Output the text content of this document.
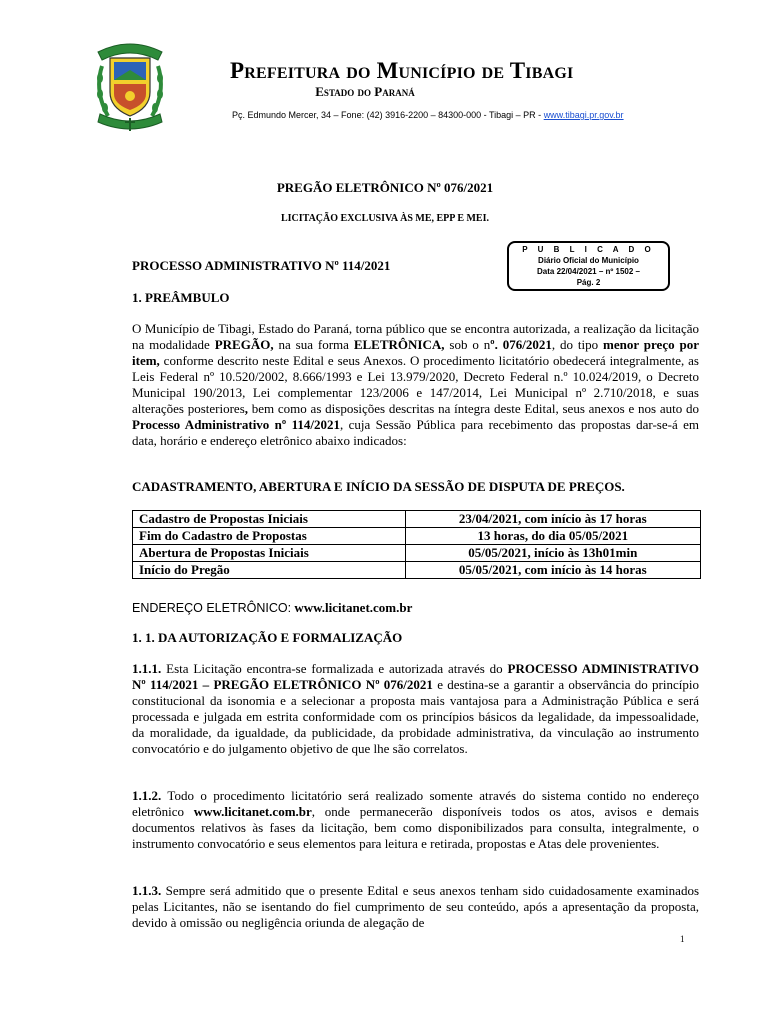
Prefeitura do Município de Tibagi
Estado do Paraná
Pç. Edmundo Mercer, 34 – Fone: (42) 3916-2200 – 84300-000 - Tibagi – PR - www.tibagi.pr.gov.br
PREGÃO ELETRÔNICO Nº 076/2021
LICITAÇÃO EXCLUSIVA ÀS ME, EPP E MEI.
P U B L I C A D O
Diário Oficial do Município
Data 22/04/2021 – nº 1502 –
Pág. 2
PROCESSO ADMINISTRATIVO Nº 114/2021
1. PREÂMBULO
O Município de Tibagi, Estado do Paraná, torna público que se encontra autorizada, a realização da licitação na modalidade PREGÃO, na sua forma ELETRÔNICA, sob o nº. 076/2021, do tipo menor preço por item, conforme descrito neste Edital e seus Anexos. O procedimento licitatório obedecerá integralmente, as Leis Federal nº 10.520/2002, 8.666/1993 e Lei 13.979/2020, Decreto Federal n.º 10.024/2019, o Decreto Municipal 190/2013, Lei complementar 123/2006 e 147/2014, Lei Municipal nº 2.710/2018, e suas alterações posteriores, bem como as disposições descritas na íntegra deste Edital, seus anexos e nos auto do Processo Administrativo nº 114/2021, cuja Sessão Pública para recebimento das propostas dar-se-á em data, horário e endereço eletrônico abaixo indicados:
CADASTRAMENTO, ABERTURA E INÍCIO DA SESSÃO DE DISPUTA DE PREÇOS.
Cadastro de Propostas Iniciais	23/04/2021, com início às 17 horas
Fim do Cadastro de Propostas	13 horas, do dia 05/05/2021
Abertura de Propostas Iniciais	05/05/2021, início às 13h01min
Início do Pregão	05/05/2021, com início às 14 horas
ENDEREÇO ELETRÔNICO: www.licitanet.com.br
1. 1. DA AUTORIZAÇÃO E FORMALIZAÇÃO
1.1.1. Esta Licitação encontra-se formalizada e autorizada através do PROCESSO ADMINISTRATIVO Nº 114/2021 – PREGÃO ELETRÔNICO Nº 076/2021 e destina-se a garantir a observância do princípio constitucional da isonomia e a selecionar a proposta mais vantajosa para a Administração Pública e será processada e julgada em estrita conformidade com os princípios básicos da legalidade, da impessoalidade, da moralidade, da igualdade, da publicidade, da probidade administrativa, da vinculação ao instrumento convocatório e do julgamento objetivo de que lhe são correlatos.
1.1.2. Todo o procedimento licitatório será realizado somente através do sistema contido no endereço eletrônico www.licitanet.com.br, onde permanecerão disponíveis todos os atos, avisos e demais documentos relativos às fases da licitação, bem como disponibilizados para consulta, integralmente, o instrumento convocatório e seus elementos para leitura e retirada, propostas e Atas dele provenientes.
1.1.3. Sempre será admitido que o presente Edital e seus anexos tenham sido cuidadosamente examinados pelas Licitantes, não se isentando do fiel cumprimento de seu conteúdo, após a apresentação da proposta, devido à omissão ou negligência oriunda de alegação de
1
